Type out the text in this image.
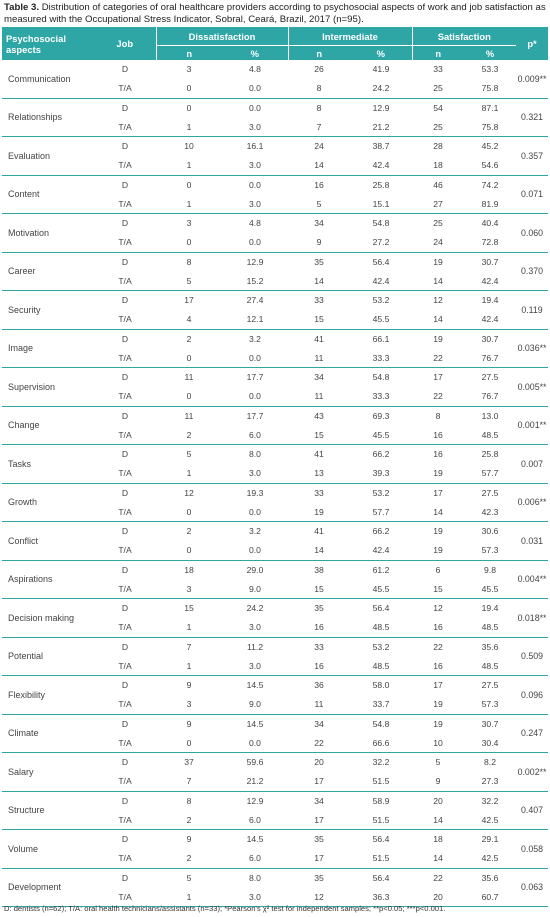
Table 3. Distribution of categories of oral healthcare providers according to psychosocial aspects of work and job satisfaction as measured with the Occupational Stress Indicator, Sobral, Ceará, Brazil, 2017 (n=95).
Psychosocial aspects	Job	Dissatisfaction		Intermediate		Satisfaction		p*
		n	%	n	%	n	%	
Communication	D	3	4.8	26	41.9	33	53.3	0.009**
	T/A	0	0.0	8	24.2	25	75.8	
Relationships	D	0	0.0	8	12.9	54	87.1	0.321
	T/A	1	3.0	7	21.2	25	75.8	
Evaluation	D	10	16.1	24	38.7	28	45.2	0.357
	T/A	1	3.0	14	42.4	18	54.6	
Content	D	0	0.0	16	25.8	46	74.2	0.071
	T/A	1	3.0	5	15.1	27	81.9	
Motivation	D	3	4.8	34	54.8	25	40.4	0.060
	T/A	0	0.0	9	27.2	24	72.8	
Career	D	8	12.9	35	56.4	19	30.7	0.370
	T/A	5	15.2	14	42.4	14	42.4	
Security	D	17	27.4	33	53.2	12	19.4	0.119
	T/A	4	12.1	15	45.5	14	42.4	
Image	D	2	3.2	41	66.1	19	30.7	0.036**
	T/A	0	0.0	11	33.3	22	76.7	
Supervision	D	11	17.7	34	54.8	17	27.5	0.005**
	T/A	0	0.0	11	33.3	22	76.7	
Change	D	11	17.7	43	69.3	8	13.0	0.001**
	T/A	2	6.0	15	45.5	16	48.5	
Tasks	D	5	8.0	41	66.2	16	25.8	0.007
	T/A	1	3.0	13	39.3	19	57.7	
Growth	D	12	19.3	33	53.2	17	27.5	0.006**
	T/A	0	0.0	19	57.7	14	42.3	
Conflict	D	2	3.2	41	66.2	19	30.6	0.031
	T/A	0	0.0	14	42.4	19	57.3	
Aspirations	D	18	29.0	38	61.2	6	9.8	0.004**
	T/A	3	9.0	15	45.5	15	45.5	
Decision making	D	15	24.2	35	56.4	12	19.4	0.018**
	T/A	1	3.0	16	48.5	16	48.5	
Potential	D	7	11.2	33	53.2	22	35.6	0.509
	T/A	1	3.0	16	48.5	16	48.5	
Flexibility	D	9	14.5	36	58.0	17	27.5	0.096
	T/A	3	9.0	11	33.7	19	57.3	
Climate	D	9	14.5	34	54.8	19	30.7	0.247
	T/A	0	0.0	22	66.6	10	30.4	
Salary	D	37	59.6	20	32.2	5	8.2	0.002**
	T/A	7	21.2	17	51.5	9	27.3	
Structure	D	8	12.9	34	58.9	20	32.2	0.407
	T/A	2	6.0	17	51.5	14	42.5	
Volume	D	9	14.5	35	56.4	18	29.1	0.058
	T/A	2	6.0	17	51.5	14	42.5	
Development	D	5	8.0	35	56.4	22	35.6	0.063
	T/A	1	3.0	12	36.3	20	60.7	
D: dentists (n=62); T/A: oral health technicians/assistants (n=33); *Pearson's χ² test for independent samples; **p<0.05; ***p<0.001.
